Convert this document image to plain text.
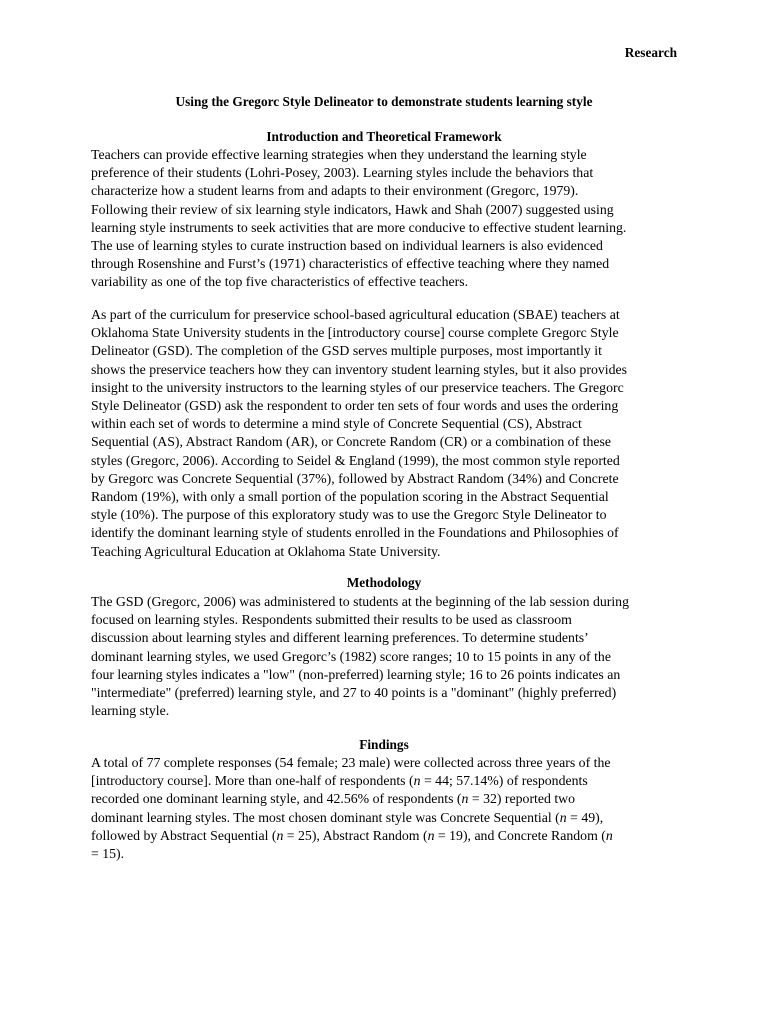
Research
Using the Gregorc Style Delineator to demonstrate students learning style
Introduction and Theoretical Framework
Teachers can provide effective learning strategies when they understand the learning style
preference of their students (Lohri-Posey, 2003). Learning styles include the behaviors that
characterize how a student learns from and adapts to their environment (Gregorc, 1979).
Following their review of six learning style indicators, Hawk and Shah (2007) suggested using
learning style instruments to seek activities that are more conducive to effective student learning.
The use of learning styles to curate instruction based on individual learners is also evidenced
through Rosenshine and Furst’s (1971) characteristics of effective teaching where they named
variability as one of the top five characteristics of effective teachers.
As part of the curriculum for preservice school-based agricultural education (SBAE) teachers at
Oklahoma State University students in the [introductory course] course complete Gregorc Style
Delineator (GSD). The completion of the GSD serves multiple purposes, most importantly it
shows the preservice teachers how they can inventory student learning styles, but it also provides
insight to the university instructors to the learning styles of our preservice teachers. The Gregorc
Style Delineator (GSD) ask the respondent to order ten sets of four words and uses the ordering
within each set of words to determine a mind style of Concrete Sequential (CS), Abstract
Sequential (AS), Abstract Random (AR), or Concrete Random (CR) or a combination of these
styles (Gregorc, 2006). According to Seidel & England (1999), the most common style reported
by Gregorc was Concrete Sequential (37%), followed by Abstract Random (34%) and Concrete
Random (19%), with only a small portion of the population scoring in the Abstract Sequential
style (10%). The purpose of this exploratory study was to use the Gregorc Style Delineator to
identify the dominant learning style of students enrolled in the Foundations and Philosophies of
Teaching Agricultural Education at Oklahoma State University.
Methodology
The GSD (Gregorc, 2006) was administered to students at the beginning of the lab session during
focused on learning styles. Respondents submitted their results to be used as classroom
discussion about learning styles and different learning preferences. To determine students’
dominant learning styles, we used Gregorc’s (1982) score ranges; 10 to 15 points in any of the
four learning styles indicates a "low" (non-preferred) learning style; 16 to 26 points indicates an
"intermediate" (preferred) learning style, and 27 to 40 points is a "dominant" (highly preferred)
learning style.
Findings
A total of 77 complete responses (54 female; 23 male) were collected across three years of the
[introductory course]. More than one-half of respondents (n = 44; 57.14%) of respondents
recorded one dominant learning style, and 42.56% of respondents (n = 32) reported two
dominant learning styles. The most chosen dominant style was Concrete Sequential (n = 49),
followed by Abstract Sequential (n = 25), Abstract Random (n = 19), and Concrete Random (n
= 15).
